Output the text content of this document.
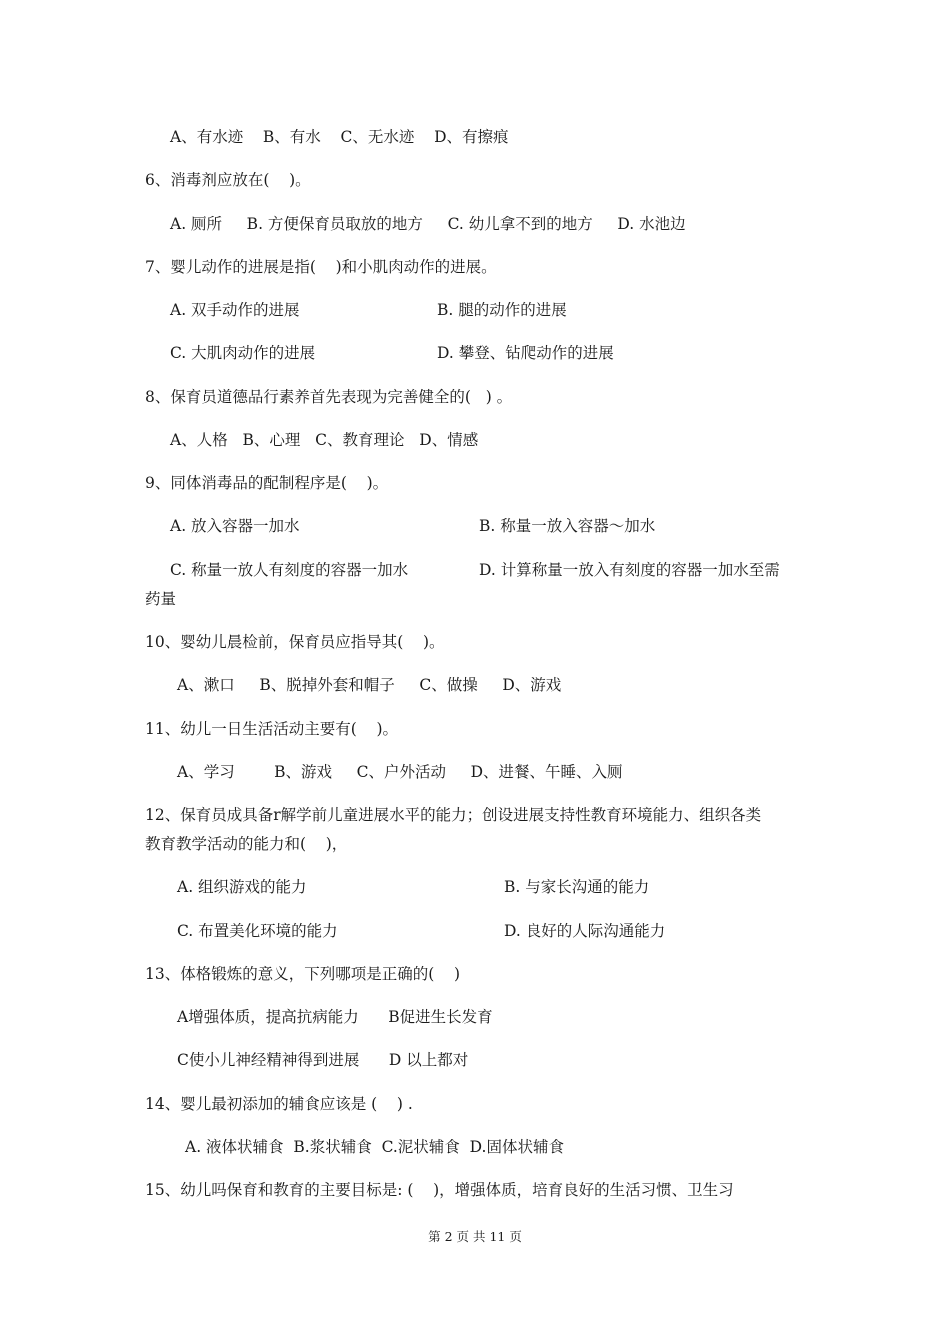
A、有水迹    B、有水    C、无水迹    D、有擦痕
6、消毒剂应放在(    )。
A. 厕所     B. 方便保育员取放的地方     C. 幼儿拿不到的地方     D. 水池边
7、婴儿动作的进展是指(    )和小肌肉动作的进展。
A. 双手动作的进展	B. 腿的动作的进展
C. 大肌肉动作的进展	D. 攀登、钻爬动作的进展
8、保育员道德品行素养首先表现为完善健全的(   ) 。
A、人格   B、心理   C、教育理论   D、情感
9、同体消毒品的配制程序是(    )。
A. 放入容器一加水	B. 称量一放入容器～加水
C. 称量一放人有刻度的容器一加水	D. 计算称量一放入有刻度的容器一加水至需
药量
10、婴幼儿晨检前，保育员应指导其(    )。
A、漱口     B、脱掉外套和帽子     C、做操     D、游戏
11、幼儿一日生活活动主要有(    )。
A、学习        B、游戏     C、户外活动     D、进餐、午睡、入厕
12、保育员成具备r解学前儿童进展水平的能力；创设进展支持性教育环境能力、组织各类
教育教学活动的能力和(    )，
A. 组织游戏的能力	B. 与家长沟通的能力
C. 布置美化环境的能力	D. 良好的人际沟通能力
13、体格锻炼的意义，下列哪项是正确的(    )
A增强体质，提高抗病能力      B促进生长发育
C使小儿神经精神得到进展      D 以上都对
14、婴儿最初添加的辅食应该是 (    ) .
A. 液体状辅食  B.浆状辅食  C.泥状辅食  D.固体状辅食
15、幼儿吗保育和教育的主要目标是: (    )，增强体质，培育良好的生活习惯、卫生习
第 2 页 共 11 页
